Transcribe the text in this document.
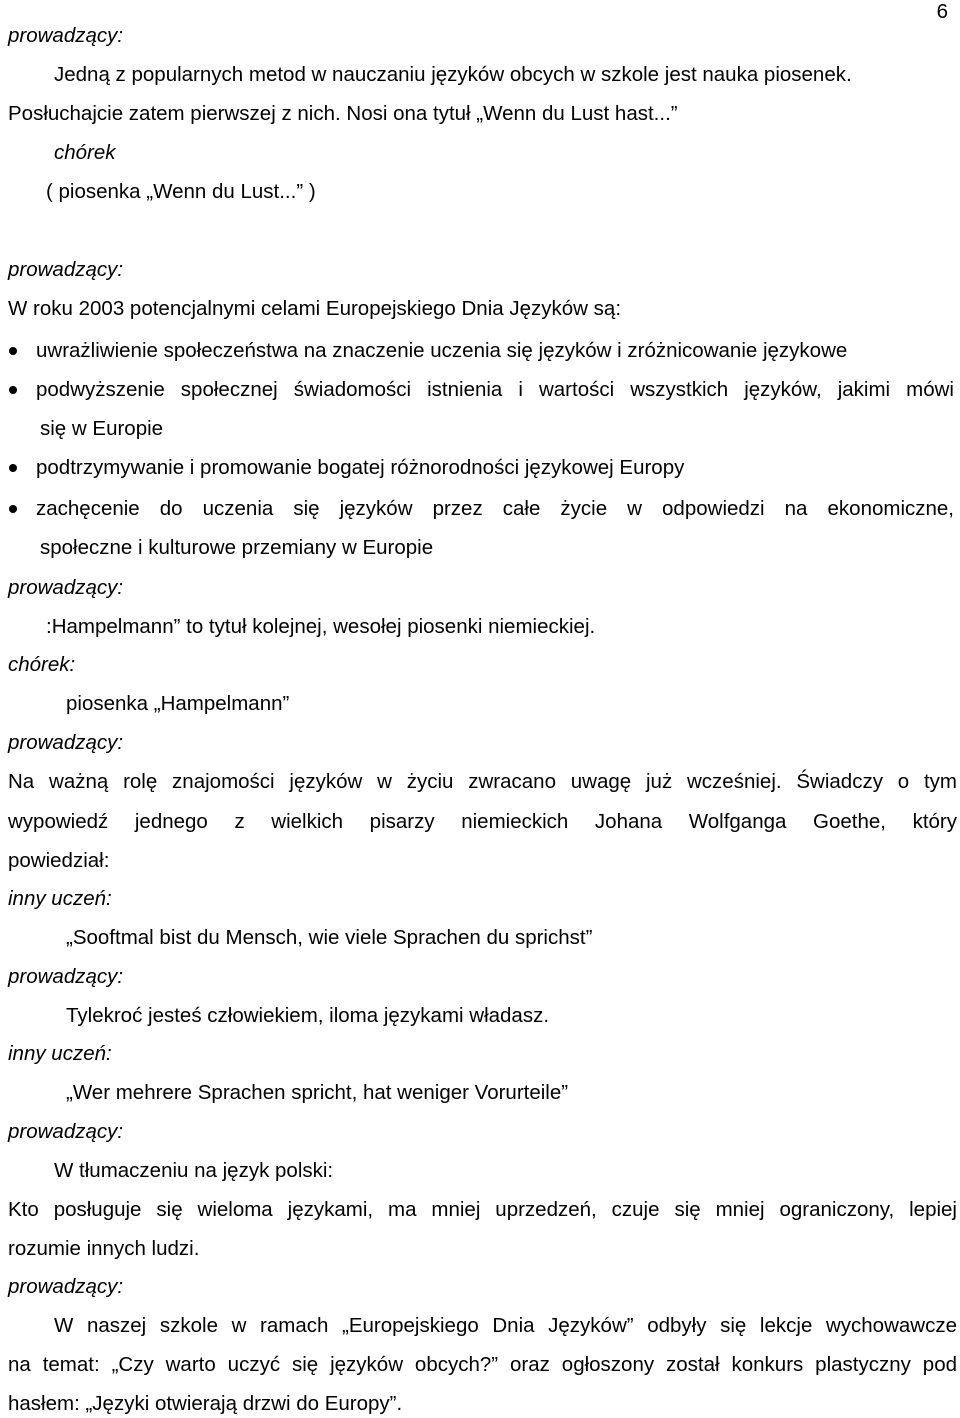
6
prowadzący:
Jedną z popularnych metod w nauczaniu języków obcych w szkole jest nauka piosenek.
Posłuchajcie zatem pierwszej z nich. Nosi ona tytuł „Wenn du Lust hast...”
chórek
( piosenka „Wenn du Lust...” )
prowadzący:
W roku 2003 potencjalnymi celami Europejskiego Dnia Języków są:
uwrażliwienie społeczeństwa na znaczenie uczenia się języków i zróżnicowanie językowe
podwyższenie społecznej świadomości istnienia i wartości wszystkich języków, jakimi mówi
się w Europie
podtrzymywanie i promowanie bogatej różnorodności językowej Europy
zachęcenie do uczenia się języków przez całe życie w odpowiedzi na ekonomiczne,
społeczne i kulturowe przemiany w Europie
prowadzący:
:Hampelmann” to tytuł kolejnej, wesołej piosenki niemieckiej.
chórek:
piosenka „Hampelmann”
prowadzący:
Na ważną rolę znajomości języków w życiu zwracano uwagę już wcześniej. Świadczy o tym
wypowiedź jednego z wielkich pisarzy niemieckich Johana Wolfganga Goethe, który
powiedział:
inny uczeń:
„Sooftmal bist du Mensch, wie viele Sprachen du sprichst”
prowadzący:
Tylekroć jesteś człowiekiem, iloma językami władasz.
inny uczeń:
„Wer mehrere Sprachen spricht, hat weniger Vorurteile”
prowadzący:
W tłumaczeniu na język polski:
Kto posługuje się wieloma językami, ma mniej uprzedzeń, czuje się mniej ograniczony, lepiej
rozumie innych ludzi.
prowadzący:
W naszej szkole w ramach „Europejskiego Dnia Języków” odbyły się lekcje wychowawcze
na temat: „Czy warto uczyć się języków obcych?” oraz ogłoszony został konkurs plastyczny pod
hasłem: „Języki otwierają drzwi do Europy”.
